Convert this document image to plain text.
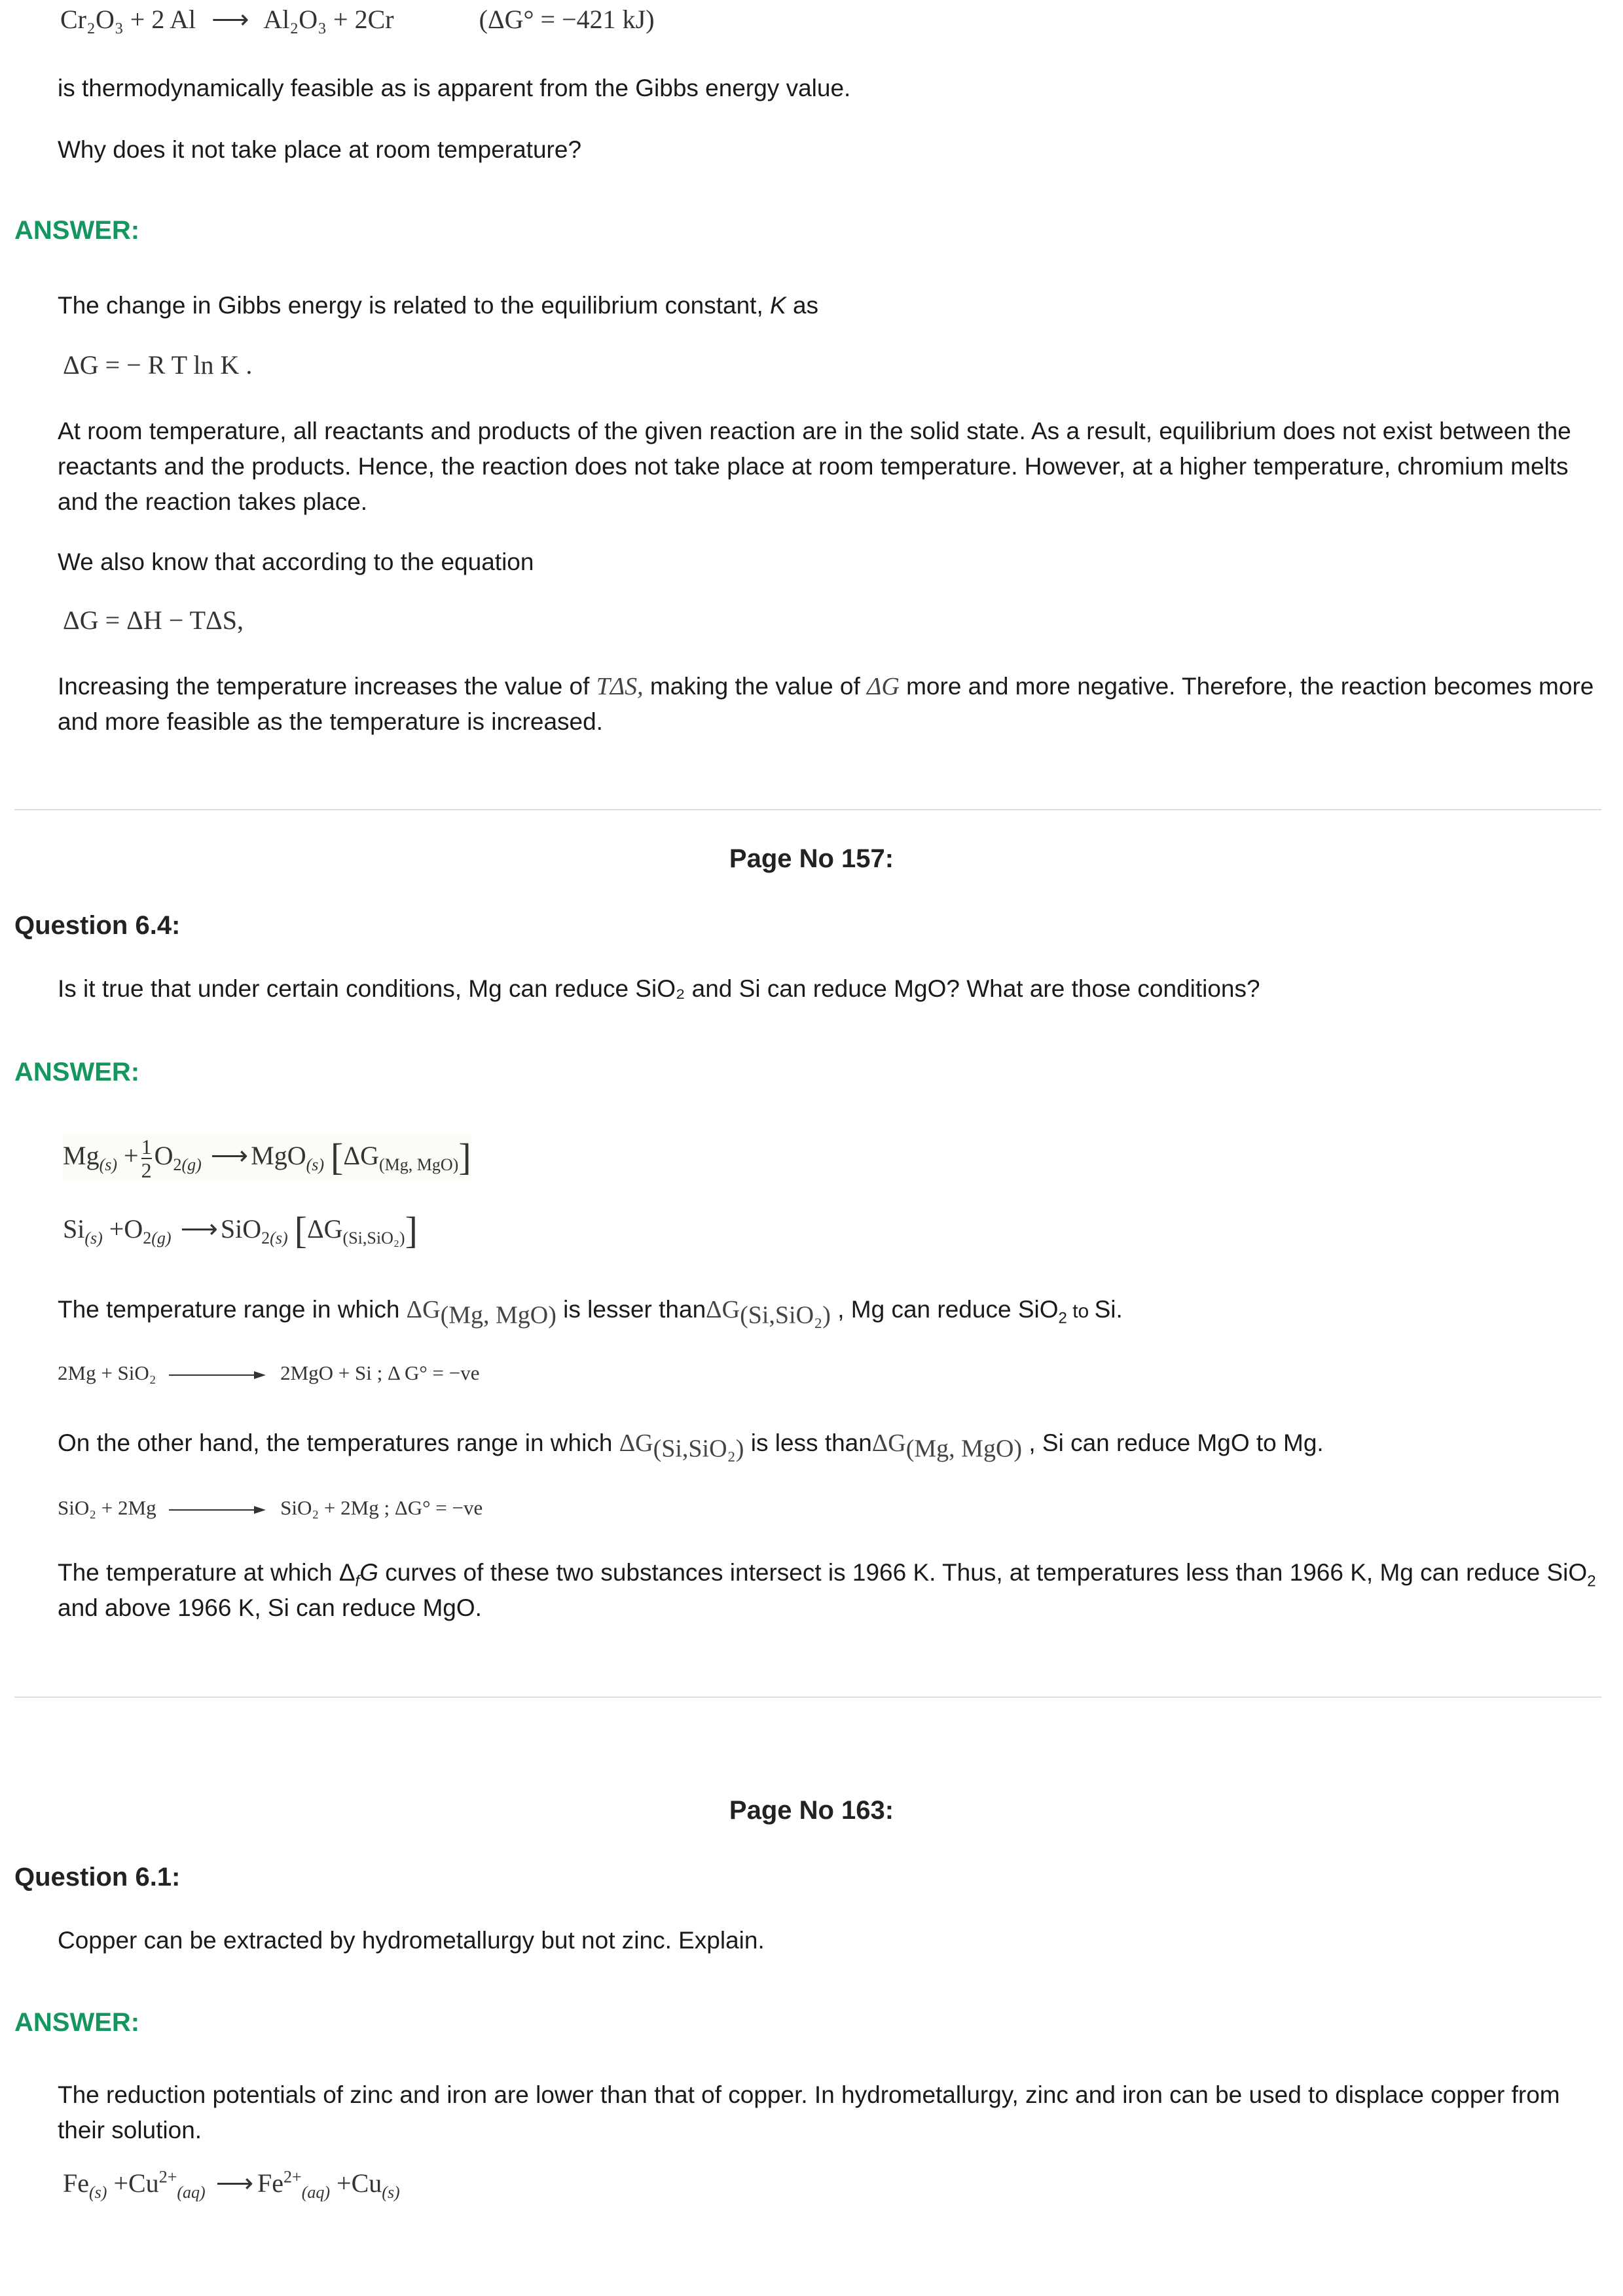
Cr₂O₃ + 2 Al ⟶ Al₂O₃ + 2Cr	(ΔG° = −421 kJ)

is thermodynamically feasible as is apparent from the Gibbs energy value.

Why does it not take place at room temperature?

ANSWER:

The change in Gibbs energy is related to the equilibrium constant, K as

ΔG = − R T ln K .

At room temperature, all reactants and products of the given reaction are in the solid state. As a result, equilibrium does not exist between the reactants and the products. Hence, the reaction does not take place at room temperature. However, at a higher temperature, chromium melts and the reaction takes place.

We also know that according to the equation

ΔG = ΔH − TΔS,

Increasing the temperature increases the value of TΔS, making the value of ΔG more and more negative. Therefore, the reaction becomes more and more feasible as the temperature is increased.

Page No 157:

Question 6.4:

Is it true that under certain conditions, Mg can reduce SiO₂ and Si can reduce MgO? What are those conditions?

ANSWER:

$Mg_{(s)} + \frac{1}{2} O_{2(g)}$ ⟶ MgO$_{(s)}$ $[\Delta G_{(Mg, MgO)}]$
$Si_{(s)} +O_{2(g)}$ ⟶ SiO$_{2(s)}$ $[\Delta G_{(Si,SiO_2)}]$

The temperature range in which $\Delta G_{(Mg, MgO)}$ is lesser thanΔG$_{(Si,SiO_2)}$ , Mg can reduce SiO$_2$ to Si.

2Mg + SiO₂	2MgO + Si ; Δ G° = −ve

On the other hand, the temperatures range in which $\Delta G_{(Si,SiO_2)}$ is less thanΔG$_{(Mg, MgO)}$ , Si can reduce MgO to Mg.

SiO₂ + 2Mg	SiO₂ + 2Mg ; ΔG° = −ve

The temperature at which $\Delta_fG$ curves of these two substances intersect is 1966 K. Thus, at temperatures less than 1966 K, Mg can reduce SiO$_2$ and above 1966 K, Si can reduce MgO.

Page No 163:

Question 6.1:

Copper can be extracted by hydrometallurgy but not zinc. Explain.

ANSWER:

The reduction potentials of zinc and iron are lower than that of copper. In hydrometallurgy, zinc and iron can be used to displace copper from their solution.

$Fe_{(s)} +Cu^{2+}_{(aq)}$ ⟶ $Fe^{2+}_{(aq)} +Cu_{(s)}$
